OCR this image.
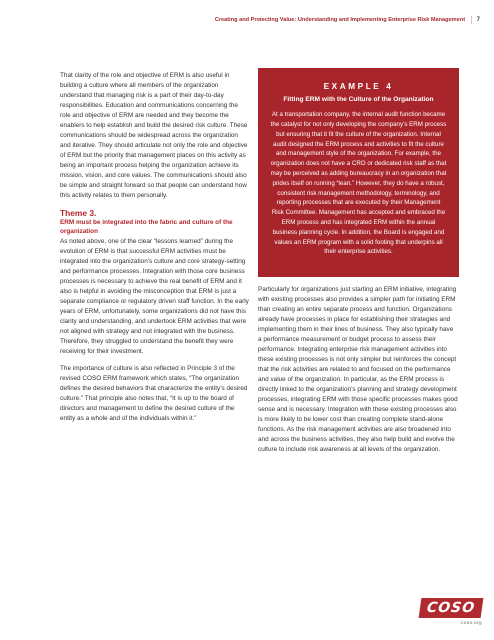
Creating and Protecting Value: Understanding and Implementing Enterprise Risk Management 7

That clarity of the role and objective of ERM is also useful in building a culture where all members of the organization understand that managing risk is a part of their day-to-day responsibilities. Education and communications concerning the role and objective of ERM are needed and they become the enablers to help establish and build the desired risk culture. These communications should be widespread across the organization and iterative. They should articulate not only the role and objective of ERM but the priority that management places on this activity as being an important process helping the organization achieve its mission, vision, and core values. The communications should also be simple and straight forward so that people can understand how this activity relates to them personally.

Theme 3.
ERM must be integrated into the fabric and culture of the organization

As noted above, one of the clear “lessons learned” during the evolution of ERM is that successful ERM activities must be integrated into the organization’s culture and core strategy-setting and performance processes. Integration with those core business processes is necessary to achieve the real benefit of ERM and it also is helpful in avoiding the misconception that ERM is just a separate compliance or regulatory driven staff function. In the early years of ERM, unfortunately, some organizations did not have this clarity and understanding, and undertook ERM activities that were not aligned with strategy and not integrated with the business. Therefore, they struggled to understand the benefit they were receiving for their investment.

The importance of culture is also reflected in Principle 3 of the revised COSO ERM framework which states, “The organization defines the desired behaviors that characterize the entity’s desired culture.” That principle also notes that, “It is up to the board of directors and management to define the desired culture of the entity as a whole and of the individuals within it.”

EXAMPLE 4
Fitting ERM with the Culture of the Organization
At a transportation company, the internal audit function became the catalyst for not only developing the company’s ERM process but ensuring that it fit the culture of the organization. Internal audit designed the ERM process and activities to fit the culture and management style of the organization. For example, the organization does not have a CRO or dedicated risk staff as that may be perceived as adding bureaucracy in an organization that prides itself on running “lean.” However, they do have a robust, consistent risk management methodology, terminology, and reporting processes that are executed by their Management Risk Committee. Management has accepted and embraced the ERM process and has integrated ERM within the annual business planning cycle. In addition, the Board is engaged and values an ERM program with a solid footing that underpins all their enterprise activities.

Particularly for organizations just starting an ERM initiative, integrating with existing processes also provides a simpler path for initiating ERM than creating an entire separate process and function. Organizations already have processes in place for establishing their strategies and implementing them in their lines of business. They also typically have a performance measurement or budget process to assess their performance. Integrating enterprise risk management activities into these existing processes is not only simpler but reinforces the concept that the risk activities are related to and focused on the performance and value of the organization. In particular, as the ERM process is directly linked to the organization’s planning and strategy development processes, integrating ERM with those specific processes makes good sense and is necessary. Integration with these existing processes also is more likely to be lower cost than creating complete stand-alone functions. As the risk management activities are also broadened into and across the business activities, they also help build and evolve the culture to include risk awareness at all levels of the organization.

COSO
coso.org
